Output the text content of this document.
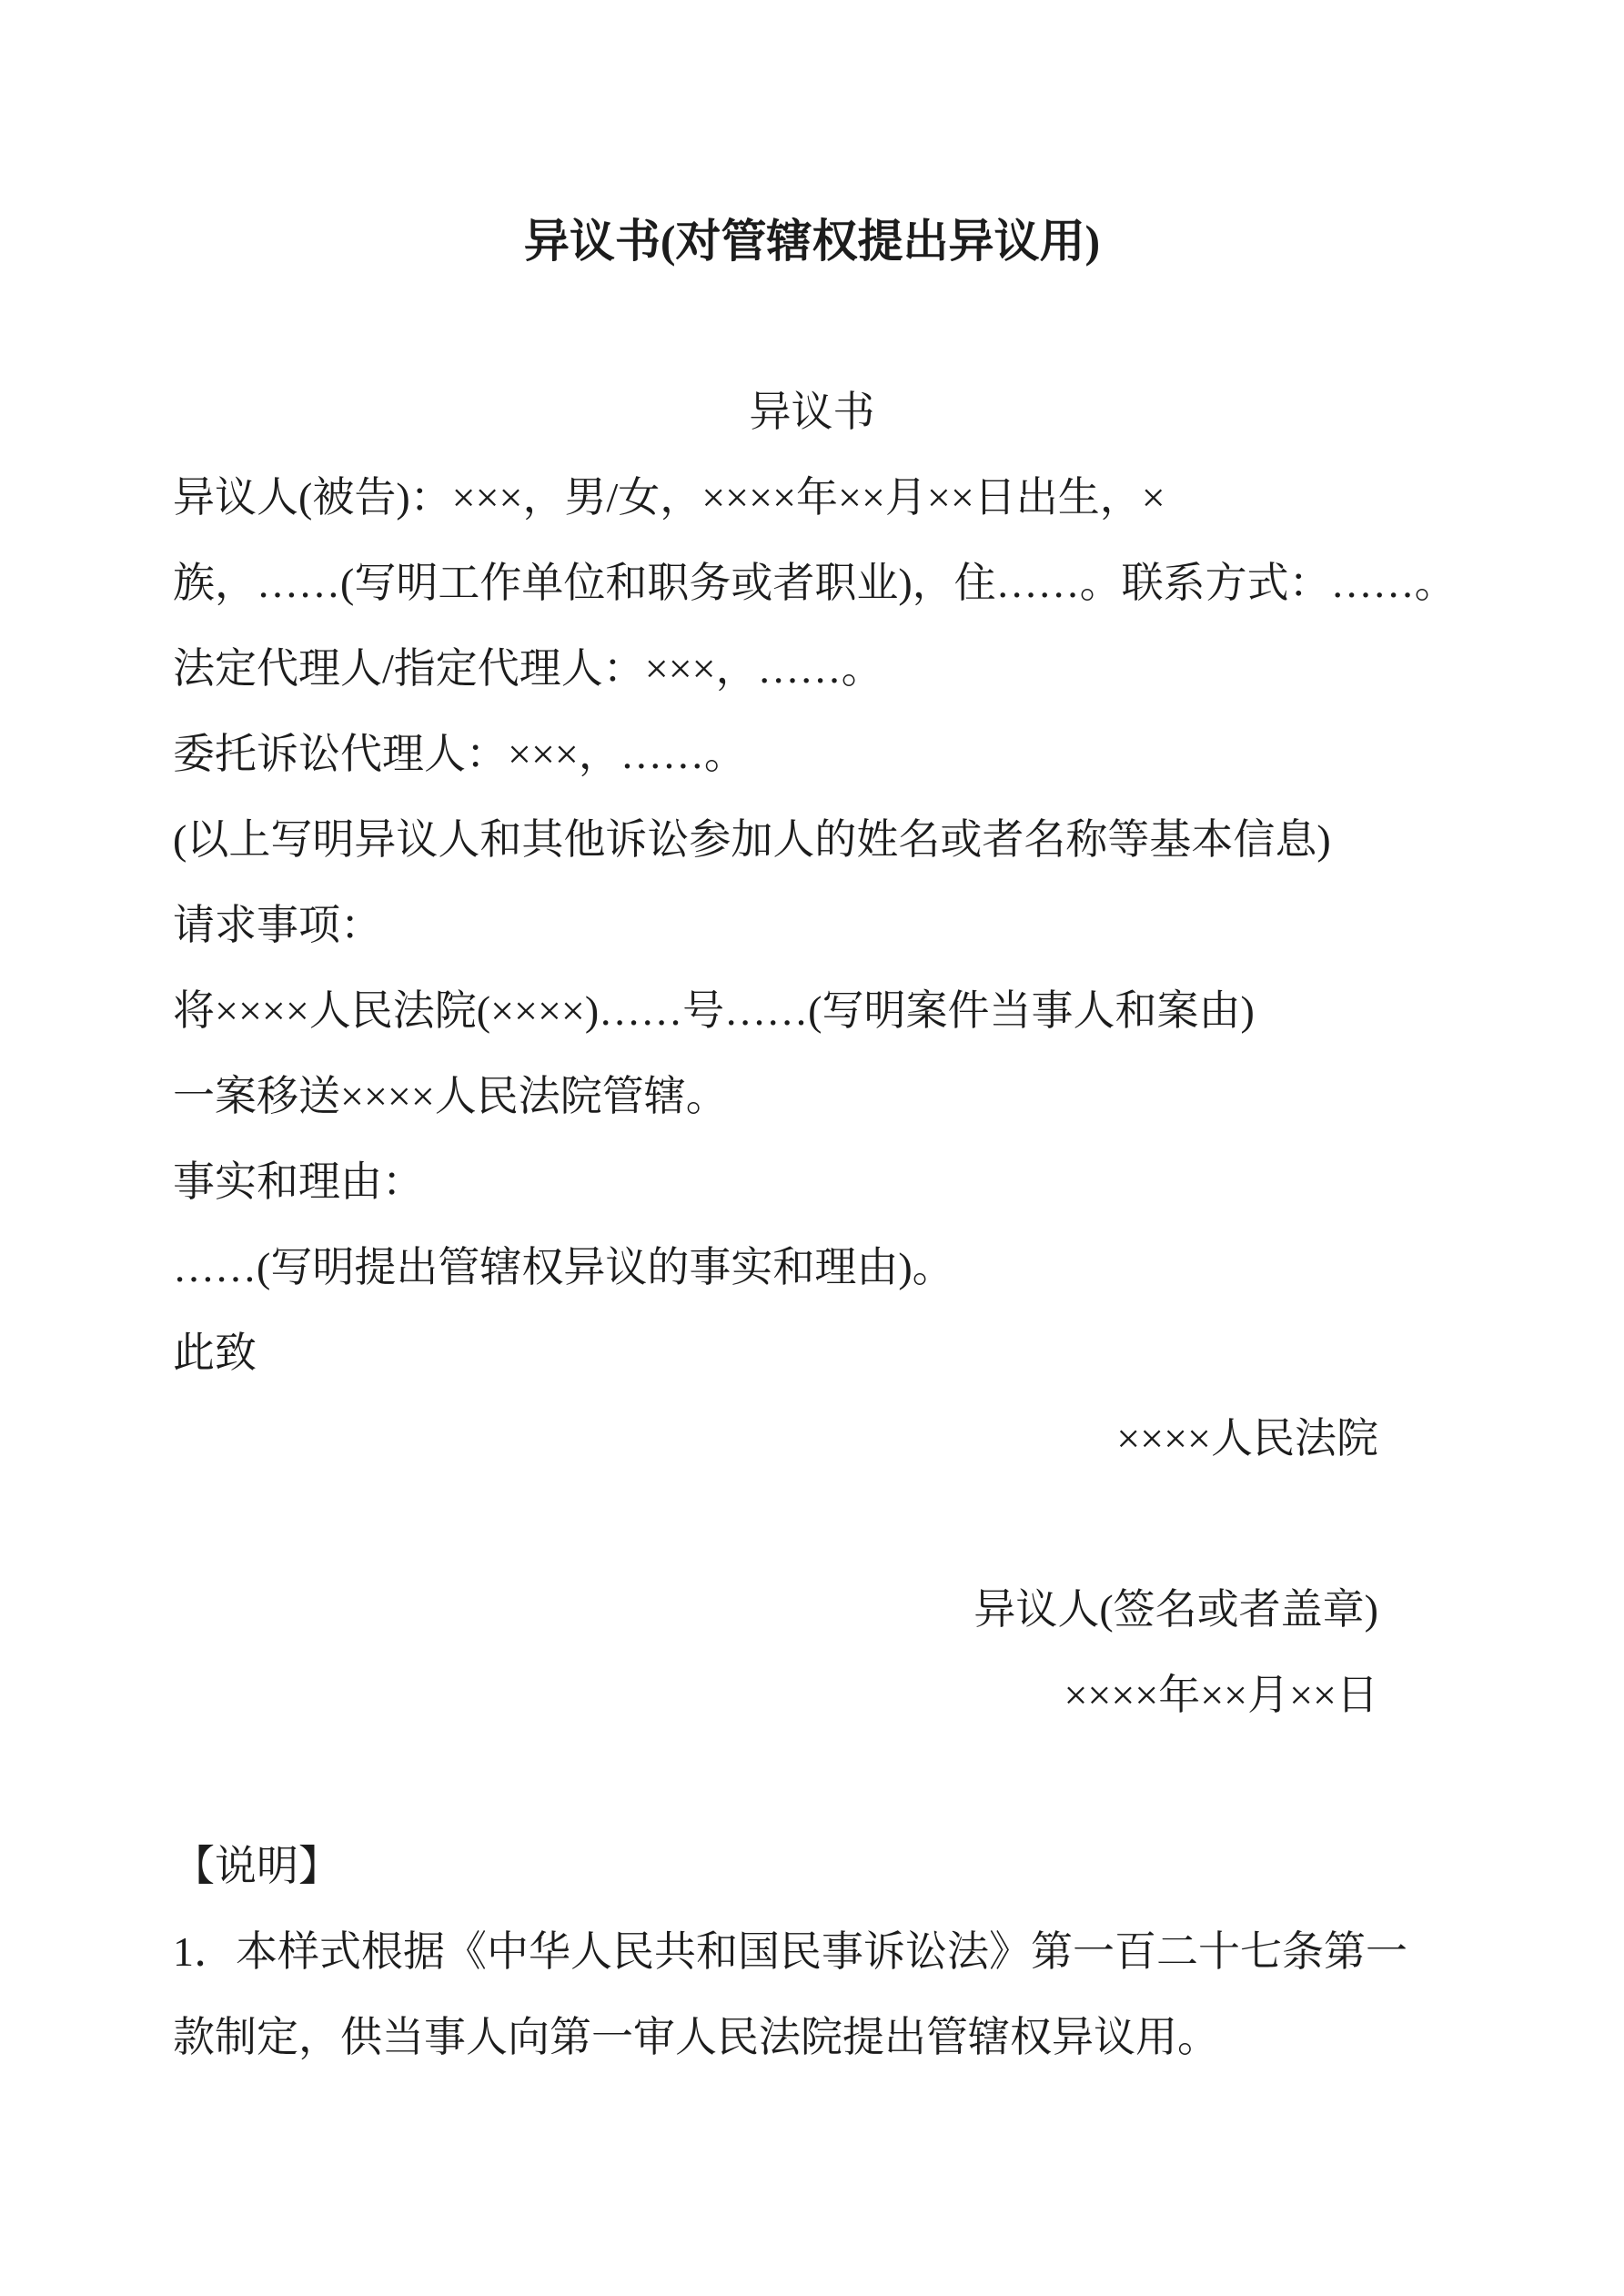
异议书(对管辖权提出异议用)
异议书
异议人(被告)：×××，男/女，××××年××月××日出生，×
族，……(写明工作单位和职务或者职业)，住……。联系方式：……。
法定代理人/指定代理人：×××，……。
委托诉讼代理人：×××，……。
(以上写明异议人和其他诉讼参加人的姓名或者名称等基本信息)
请求事项：
将××××人民法院(××××)……号……(写明案件当事人和案由)
一案移送××××人民法院管辖。
事实和理由：
……(写明提出管辖权异议的事实和理由)。
此致
××××人民法院
异议人(签名或者盖章)
××××年××月××日
【说明】
1．本样式根据《中华人民共和国民事诉讼法》第一百二十七条第一
款制定，供当事人向第一审人民法院提出管辖权异议用。
